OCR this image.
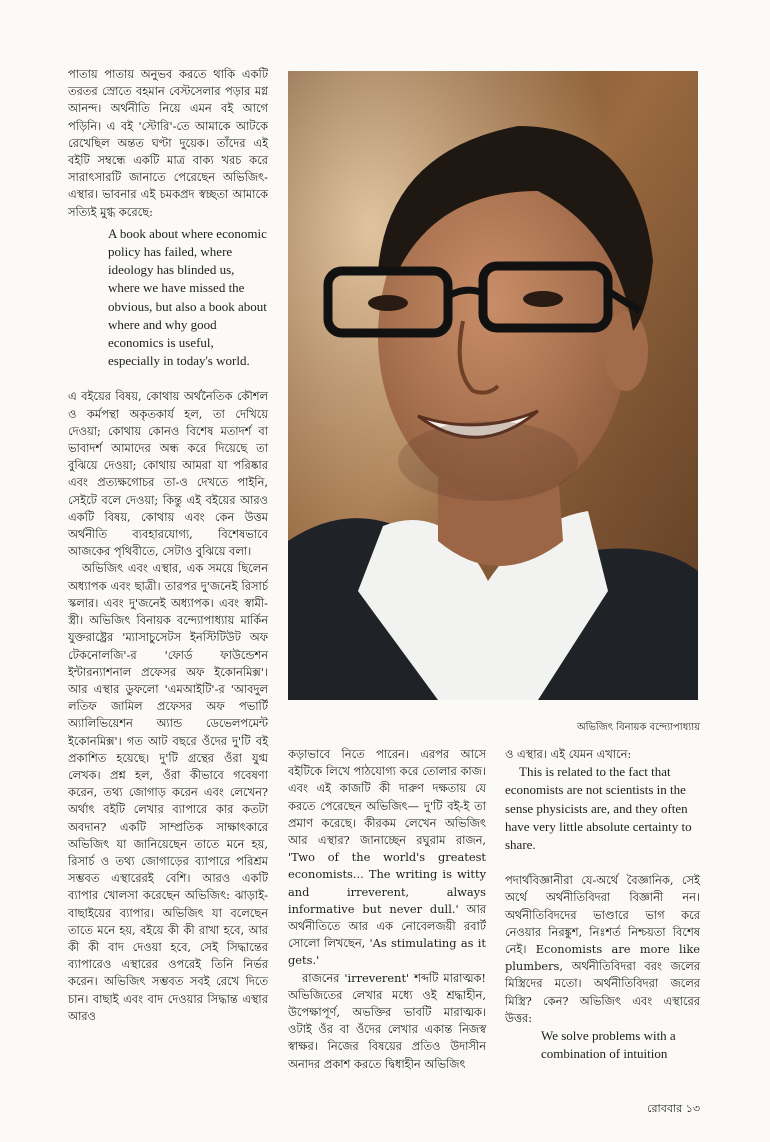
পাতায় পাতায় অনুভব করতে থাকি একটি তরতর স্রোতে বহমান বেস্টসেলার পড়ার মগ্ন আনন্দ। অর্থনীতি নিয়ে এমন বই আগে পড়িনি। এ বই 'স্টোরি'-তে আমাকে আটকে রেখেছিল অন্তত ঘণ্টা দুয়েক। তাঁদের এই বইটি সম্বন্ধে একটি মাত্র বাক্য খরচ করে সারাৎসারটি জানাতে পেরেছেন অভিজিৎ-এস্থার। ভাবনার এই চমকপ্রদ স্বচ্ছতা আমাকে সত্যিই মুগ্ধ করেছে:

A book about where economic policy has failed, where ideology has blinded us, where we have missed the obvious, but also a book about where and why good economics is useful, especially in today's world.

এ বইয়ের বিষয়, কোথায় অর্থনৈতিক কৌশল ও কর্মপন্থা অকৃতকার্য হল, তা দেখিয়ে দেওয়া; কোথায় কোনও বিশেষ মতাদর্শ বা ভাবাদর্শ আমাদের অন্ধ করে দিয়েছে তা বুঝিয়ে দেওয়া; কোথায় আমরা যা পরিষ্কার এবং প্রত্যক্ষগোচর তা-ও দেখতে পাইনি, সেইটে বলে দেওয়া; কিন্তু এই বইয়ের আরও একটি বিষয়, কোথায় এবং কেন উত্তম অর্থনীতি ব্যবহারযোগ্য, বিশেষভাবে আজকের পৃথিবীতে, সেটাও বুঝিয়ে বলা।

অভিজিৎ এবং এস্থার, এক সময়ে ছিলেন অধ্যাপক এবং ছাত্রী। তারপর দু'জনেই রিসার্চ স্কলার। এবং দু'জনেই অধ্যাপক। এবং স্বামী-স্ত্রী। অভিজিৎ বিনায়ক বন্দ্যোপাধ্যায় মার্কিন যুক্তরাষ্ট্রের 'ম্যাসাচুসেটস ইনস্টিটিউট অফ টেকনোলজি'-র 'ফোর্ড ফাউন্ডেশন ইন্টারন্যাশনাল প্রফেসর অফ ইকোনমিক্স'। আর এস্থার ডুফলো 'এমআইটি'-র 'আবদুল লতিফ জামিল প্রফেসর অফ পভার্টি অ্যালিভিয়েশন অ্যান্ড ডেভেলপমেন্ট ইকোনমিক্স'। গত আট বছরে ওঁদের দু'টি বই প্রকাশিত হয়েছে। দু'টি গ্রন্থের ওঁরা যুগ্ম লেখক। প্রশ্ন হল, ওঁরা কীভাবে গবেষণা করেন, তথ্য জোগাড় করেন এবং লেখেন? অর্থাৎ বইটি লেখার ব্যাপারে কার কতটা অবদান? একটি সাম্প্রতিক সাক্ষাৎকারে অভিজিৎ যা জানিয়েছেন তাতে মনে হয়, রিসার্চ ও তথ্য জোগাড়ের ব্যাপারে পরিশ্রম সম্ভবত এস্থারেরই বেশি। আরও একটি ব্যাপার খোলসা করেছেন অভিজিৎ: ঝাড়াই-বাছাইয়ের ব্যাপার। অভিজিৎ যা বলেছেন তাতে মনে হয়, বইয়ে কী কী রাখা হবে, আর কী কী বাদ দেওয়া হবে, সেই সিদ্ধান্তের ব্যাপারেও এস্থারের ওপরেই তিনি নির্ভর করেন। অভিজিৎ সম্ভবত সবই রেখে দিতে চান। বাছাই এবং বাদ দেওয়ার সিদ্ধান্ত এস্থার আরও

অভিজিৎ বিনায়ক বন্দ্যোপাধ্যায়

কড়াভাবে নিতে পারেন। এরপর আসে বইটিকে লিখে পাঠযোগ্য করে তোলার কাজ। এবং এই কাজটি কী দারুণ দক্ষতায় যে করতে পেরেছেন অভিজিৎ— দু'টি বই-ই তা প্রমাণ করেছে। কীরকম লেখেন অভিজিৎ আর এস্থার? জানাচ্ছেন রঘুরাম রাজন, 'Two of the world's greatest economists... The writing is witty and irreverent, always informative but never dull.' আর অর্থনীতিতে আর এক নোবেলজয়ী রবার্ট সোলো লিখছেন, 'As stimulating as it gets.'

রাজনের 'irreverent' শব্দটি মারাত্মক! অভিজিতের লেখার মধ্যে ওই শ্রদ্ধাহীন, উপেক্ষাপূর্ণ, অভক্তির ভাবটি মারাত্মক। ওটাই ওঁর বা ওঁদের লেখার একান্ত নিজস্ব স্বাক্ষর। নিজের বিষয়ের প্রতিও উদাসীন অনাদর প্রকাশ করতে দ্বিধাহীন অভিজিৎ

ও এস্থার। এই যেমন এখানে:

This is related to the fact that economists are not scientists in the sense physicists are, and they often have very little absolute certainty to share.

পদার্থবিজ্ঞানীরা যে-অর্থে বৈজ্ঞানিক, সেই অর্থে অর্থনীতিবিদরা বিজ্ঞানী নন। অর্থনীতিবিদদের ভাণ্ডারে ভাগ করে নেওয়ার নিরঙ্কুশ, নিঃশর্ত নিশ্চয়তা বিশেষ নেই। Economists are more like plumbers, অর্থনীতিবিদরা বরং জলের মিস্ত্রিদের মতো। অর্থনীতিবিদরা জলের মিস্ত্রি? কেন? অভিজিৎ এবং এস্থারের উত্তর:

We solve problems with a combination of intuition

রোববার ১৩
